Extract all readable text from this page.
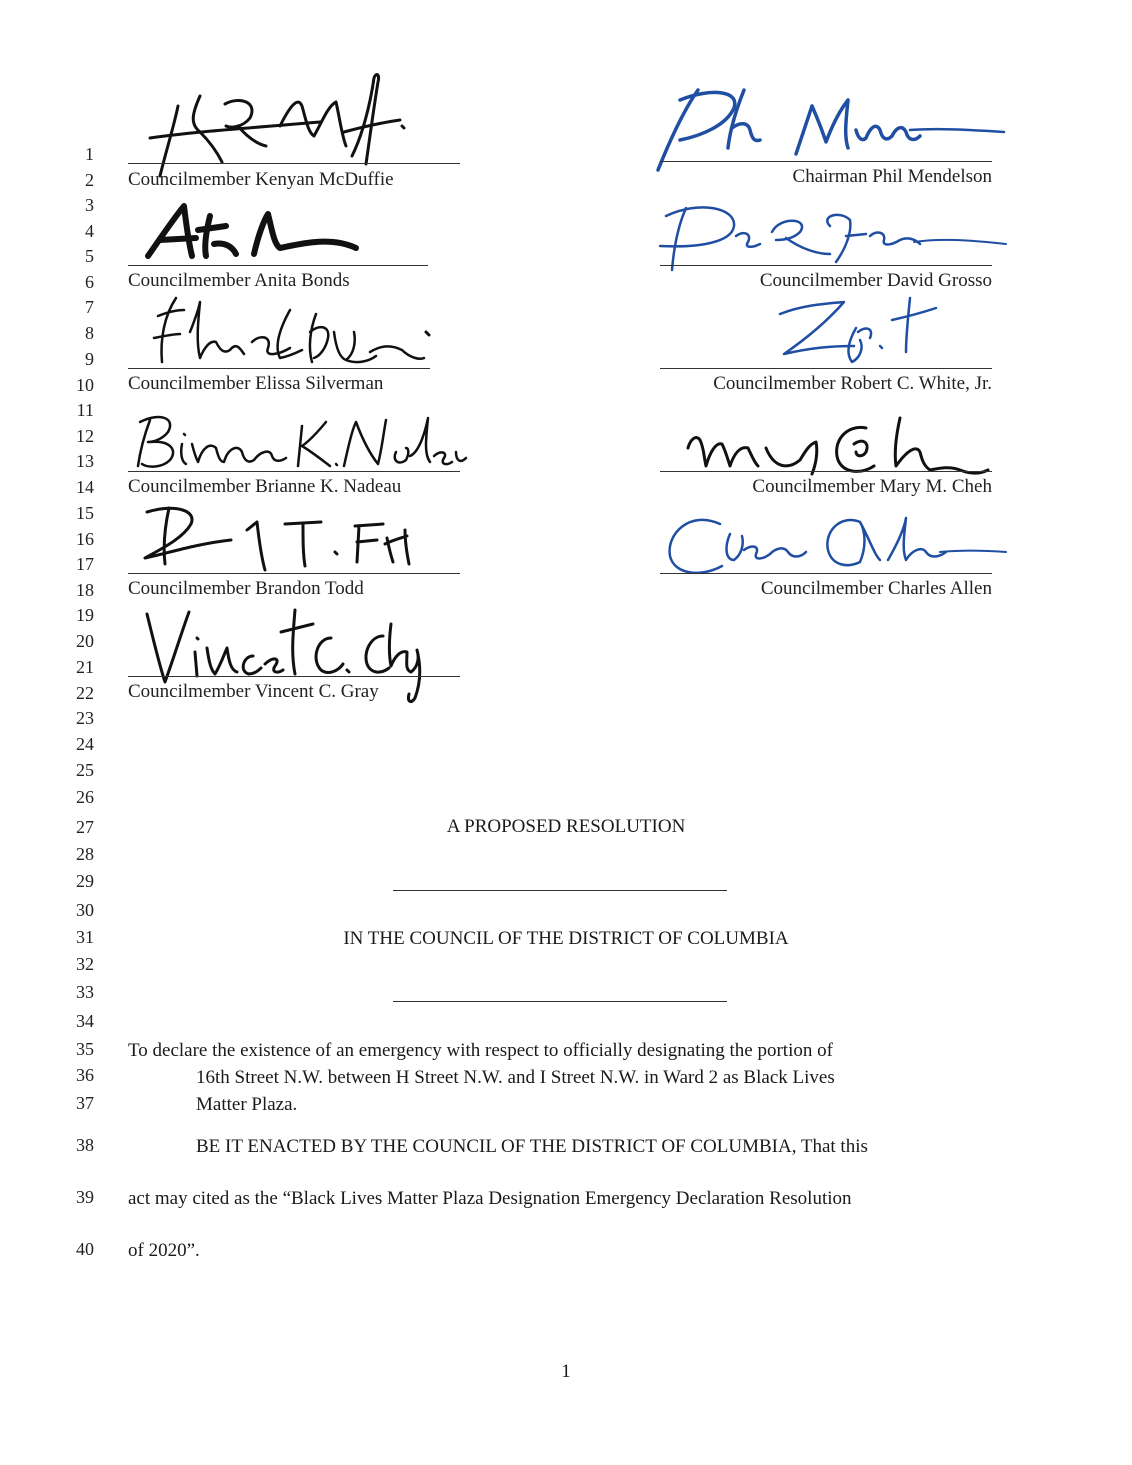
1
2
3
4
5
6
7
8
9
10
11
12
13
14
15
16
17
18
19
20
21
22
23
24
25
26
27
28
29
30
31
32
33
34
35
36
37
38
39
40
Councilmember Kenyan McDuffie
Councilmember Anita Bonds
Councilmember Elissa Silverman
Councilmember Brianne K. Nadeau
Councilmember Brandon Todd
Councilmember Vincent C. Gray
Chairman Phil Mendelson
Councilmember David Grosso
Councilmember Robert C. White, Jr.
Councilmember Mary M. Cheh
Councilmember Charles Allen
A PROPOSED RESOLUTION
IN THE COUNCIL OF THE DISTRICT OF COLUMBIA
To declare the existence of an emergency with respect to officially designating the portion of
16th Street N.W. between H Street N.W. and I Street N.W. in Ward 2 as Black Lives
Matter Plaza.
BE IT ENACTED BY THE COUNCIL OF THE DISTRICT OF COLUMBIA, That this
act may cited as the “Black Lives Matter Plaza Designation Emergency Declaration Resolution
of 2020”.
1
